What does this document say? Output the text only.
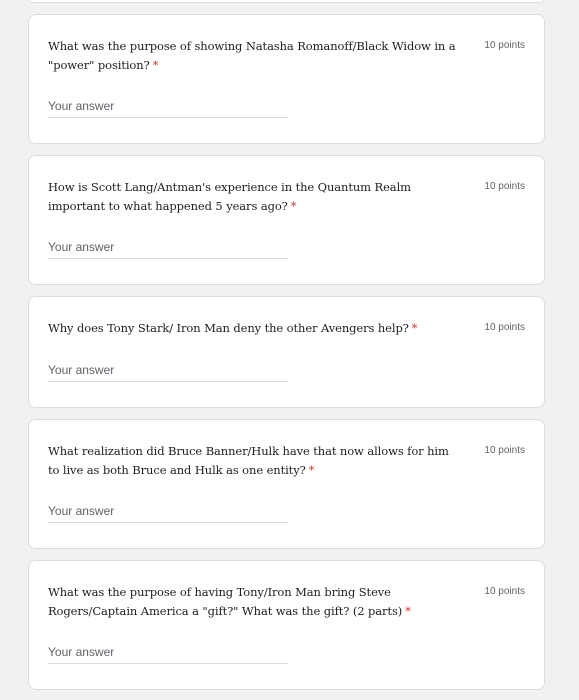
What was the purpose of showing Natasha Romanoff/Black Widow in a "power" position? *

10 points
Your answer

How is Scott Lang/Antman's experience in the Quantum Realm important to what happened 5 years ago? *

10 points
Your answer

Why does Tony Stark/ Iron Man deny the other Avengers help? *	10 points
Your answer

What realization did Bruce Banner/Hulk have that now allows for him to live as both Bruce and Hulk as one entity? *

10 points
Your answer

What was the purpose of having Tony/Iron Man bring Steve Rogers/Captain America a "gift?" What was the gift? (2 parts) *

10 points
Your answer
